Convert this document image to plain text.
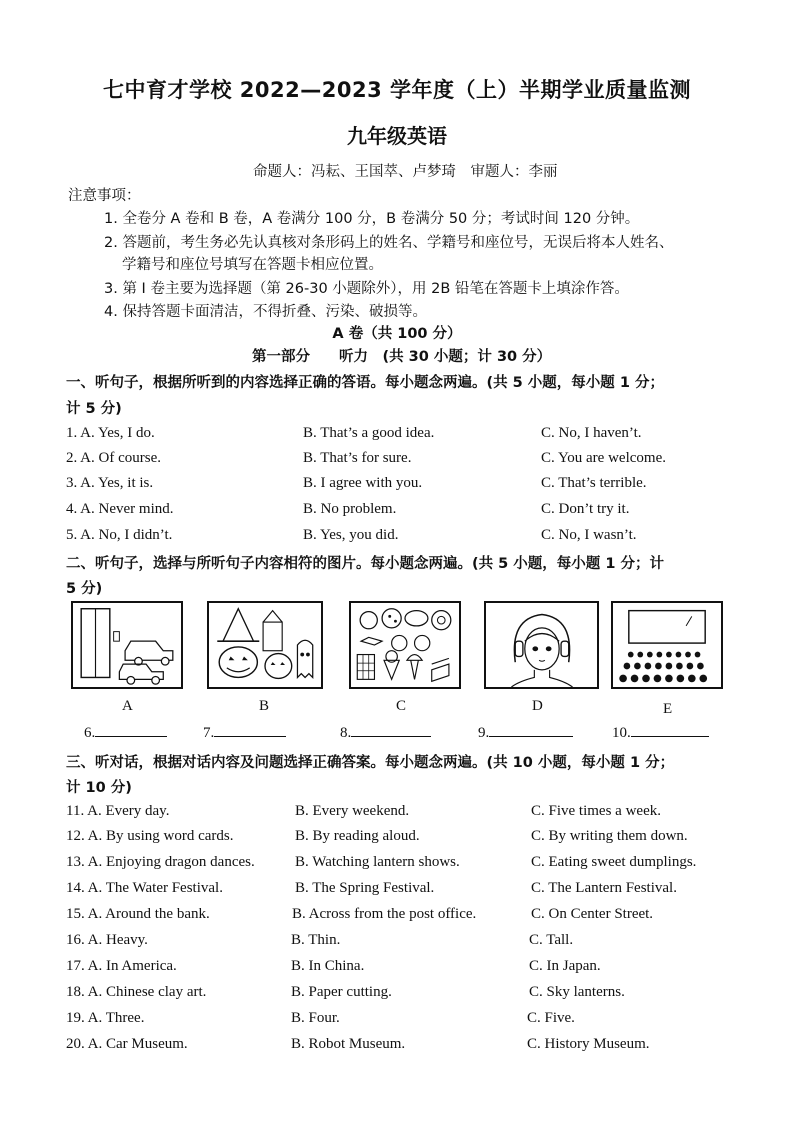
七中育才学校 2022—2023 学年度（上）半期学业质量监测
九年级英语
命题人：冯耘、王国萃、卢梦琦　审题人：李丽
注意事项：
1. 全卷分 A 卷和 B 卷，A 卷满分 100 分，B 卷满分 50 分；考试时间 120 分钟。
2. 答题前，考生务必先认真核对条形码上的姓名、学籍号和座位号，无误后将本人姓名、
学籍号和座位号填写在答题卡相应位置。
3. 第 I 卷主要为选择题（第 26-30 小题除外），用 2B 铅笔在答题卡上填涂作答。
4. 保持答题卡面清洁，不得折叠、污染、破损等。
A 卷（共 100 分）
第一部分　　听力　(共 30 小题；计 30 分）
一、听句子，根据所听到的内容选择正确的答语。每小题念两遍。(共 5 小题，每小题 1 分；
计 5 分)
1. A. Yes, I do.	B. That’s a good idea.	C. No, I haven’t.
2. A. Of course.	B. That’s for sure.	C. You are welcome.
3. A. Yes, it is.	B. I agree with you.	C. That’s terrible.
4. A. Never mind.	B. No problem.	C. Don’t try it.
5. A. No, I didn’t.	B. Yes, you did.	C. No, I wasn’t.
二、听句子，选择与所听句子内容相符的图片。每小题念两遍。(共 5 小题，每小题 1 分；计
5 分)
A	B	C	D	E
6.	7.	8.	9.	10.
三、听对话，根据对话内容及问题选择正确答案。每小题念两遍。(共 10 小题，每小题 1 分；
计 10 分)
11. A. Every day.	B. Every weekend.	C. Five times a week.
12. A. By using word cards.	B. By reading aloud.	C. By writing them down.
13. A. Enjoying dragon dances.	B. Watching lantern shows.	C. Eating sweet dumplings.
14. A. The Water Festival.	B. The Spring Festival.	C. The Lantern Festival.
15. A. Around the bank.	B. Across from the post office.	C. On Center Street.
16. A. Heavy.	B. Thin.	C. Tall.
17. A. In America.	B. In China.	C. In Japan.
18. A. Chinese clay art.	B. Paper cutting.	C. Sky lanterns.
19. A. Three.	B. Four.	C. Five.
20. A. Car Museum.	B. Robot Museum.	C. History Museum.
